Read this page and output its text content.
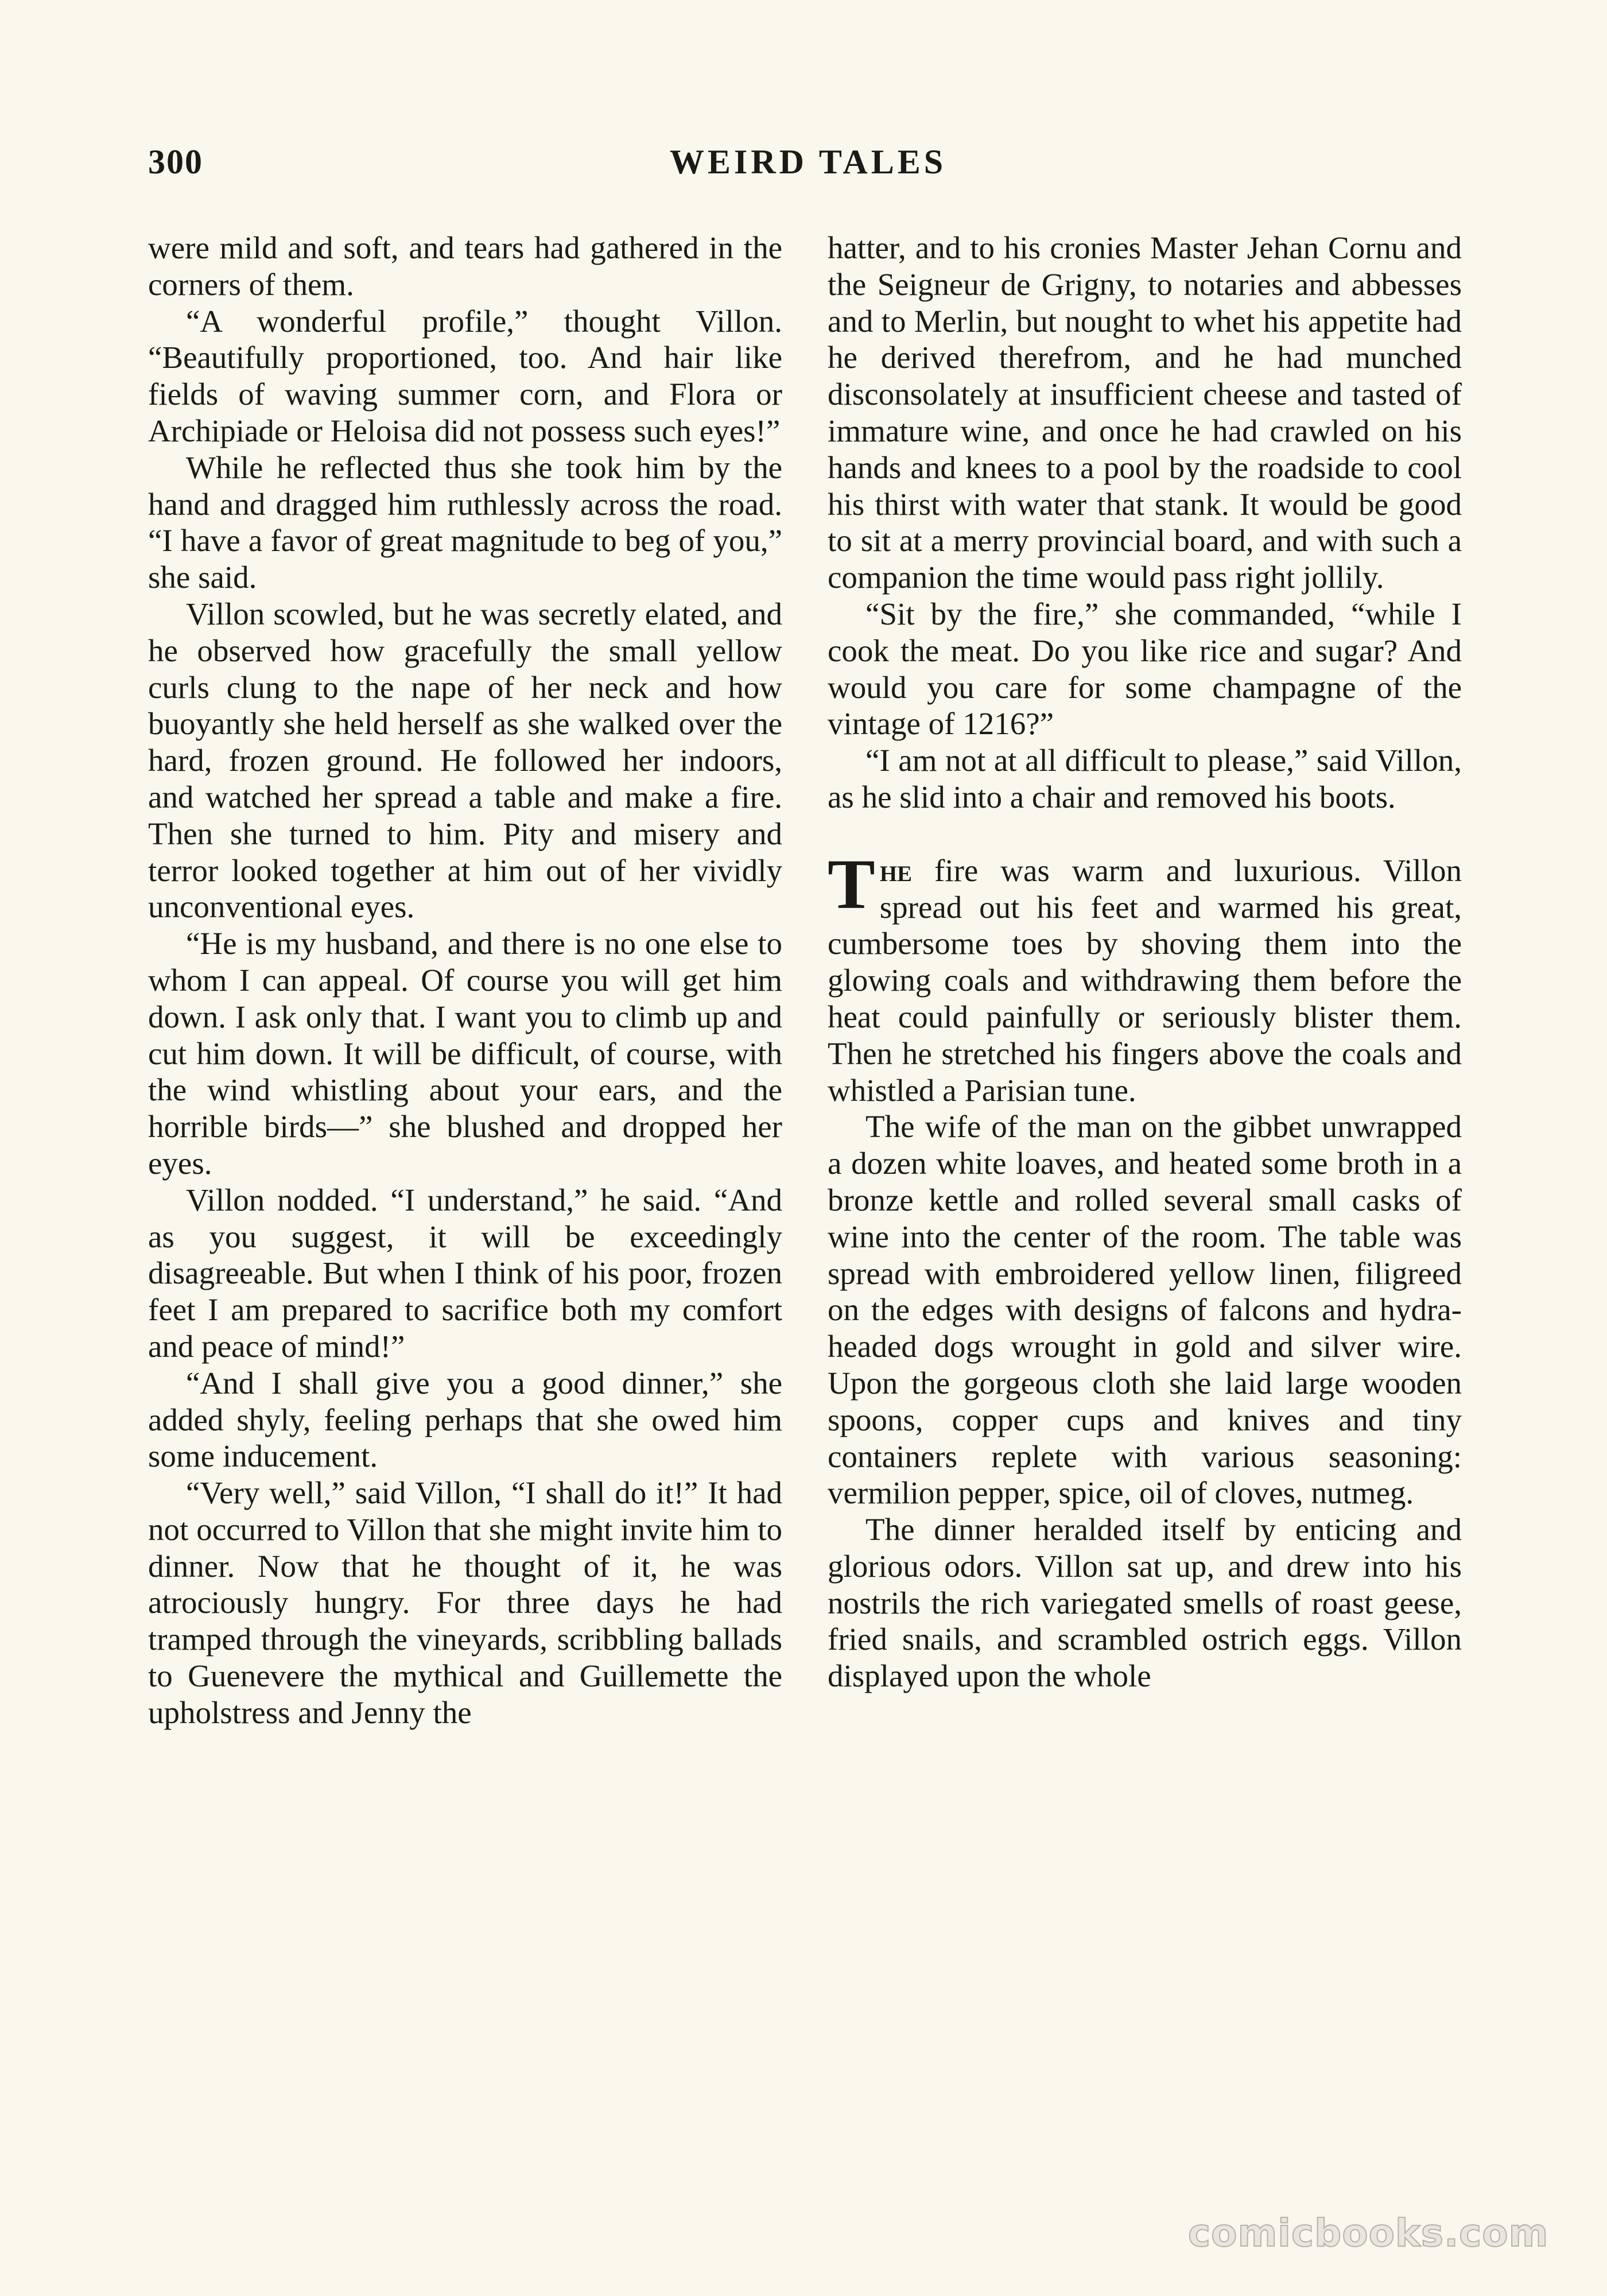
300	WEIRD TALES

were mild and soft, and tears had gathered in the corners of them.

“A wonderful profile,” thought Villon. “Beautifully proportioned, too. And hair like fields of waving summer corn, and Flora or Archipiade or Heloisa did not possess such eyes!”

While he reflected thus she took him by the hand and dragged him ruthlessly across the road. “I have a favor of great magnitude to beg of you,” she said.

Villon scowled, but he was secretly elated, and he observed how gracefully the small yellow curls clung to the nape of her neck and how buoyantly she held herself as she walked over the hard, frozen ground. He followed her indoors, and watched her spread a table and make a fire. Then she turned to him. Pity and misery and terror looked together at him out of her vividly unconventional eyes.

“He is my husband, and there is no one else to whom I can appeal. Of course you will get him down. I ask only that. I want you to climb up and cut him down. It will be difficult, of course, with the wind whistling about your ears, and the horrible birds—” she blushed and dropped her eyes.

Villon nodded. “I understand,” he said. “And as you suggest, it will be exceedingly disagreeable. But when I think of his poor, frozen feet I am prepared to sacrifice both my comfort and peace of mind!”

“And I shall give you a good dinner,” she added shyly, feeling perhaps that she owed him some inducement.

“Very well,” said Villon, “I shall do it!” It had not occurred to Villon that she might invite him to dinner. Now that he thought of it, he was atrociously hungry. For three days he had tramped through the vineyards, scribbling ballads to Guenevere the mythical and Guillemette the upholstress and Jenny the

hatter, and to his cronies Master Jehan Cornu and the Seigneur de Grigny, to notaries and abbesses and to Merlin, but nought to whet his appetite had he derived therefrom, and he had munched disconsolately at insufficient cheese and tasted of immature wine, and once he had crawled on his hands and knees to a pool by the roadside to cool his thirst with water that stank. It would be good to sit at a merry provincial board, and with such a companion the time would pass right jollily.

“Sit by the fire,” she commanded, “while I cook the meat. Do you like rice and sugar? And would you care for some champagne of the vintage of 1216?”

“I am not at all difficult to please,” said Villon, as he slid into a chair and removed his boots.

The fire was warm and luxurious. Villon spread out his feet and warmed his great, cumbersome toes by shoving them into the glowing coals and withdrawing them before the heat could painfully or seriously blister them. Then he stretched his fingers above the coals and whistled a Parisian tune.

The wife of the man on the gibbet unwrapped a dozen white loaves, and heated some broth in a bronze kettle and rolled several small casks of wine into the center of the room. The table was spread with embroidered yellow linen, filigreed on the edges with designs of falcons and hydra-headed dogs wrought in gold and silver wire. Upon the gorgeous cloth she laid large wooden spoons, copper cups and knives and tiny containers replete with various seasoning: vermilion pepper, spice, oil of cloves, nutmeg.

The dinner heralded itself by enticing and glorious odors. Villon sat up, and drew into his nostrils the rich variegated smells of roast geese, fried snails, and scrambled ostrich eggs. Villon displayed upon the whole

comicbooks.com
